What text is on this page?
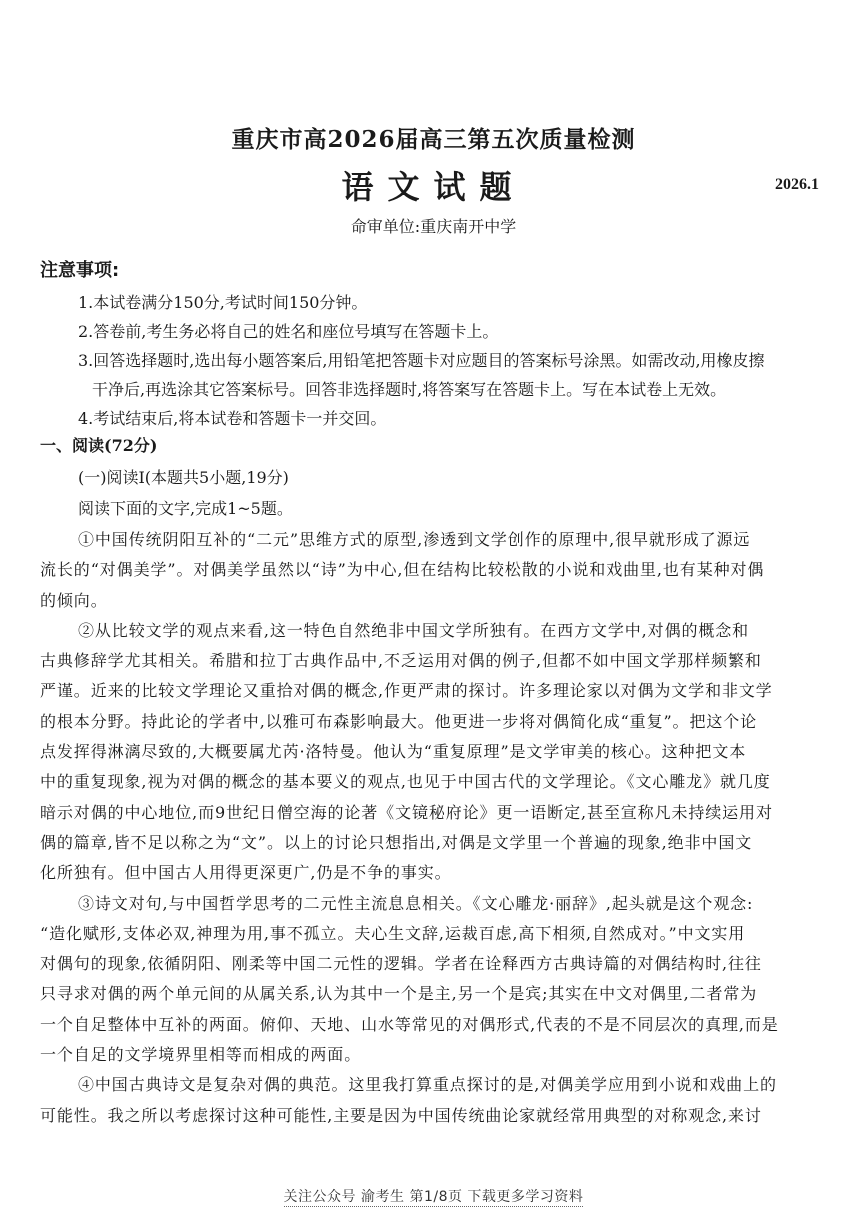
重庆市高2026届高三第五次质量检测
语文试题	2026.1
命审单位:重庆南开中学
注意事项:
1.本试卷满分150分,考试时间150分钟。
2.答卷前,考生务必将自己的姓名和座位号填写在答题卡上。
3.回答选择题时,选出每小题答案后,用铅笔把答题卡对应题目的答案标号涂黑。如需改动,用橡皮擦
干净后,再选涂其它答案标号。回答非选择题时,将答案写在答题卡上。写在本试卷上无效。
4.考试结束后,将本试卷和答题卡一并交回。
一、阅读(72分)
(一)阅读Ⅰ(本题共5小题,19分)
阅读下面的文字,完成1~5题。
①中国传统阴阳互补的“二元”思维方式的原型,渗透到文学创作的原理中,很早就形成了源远
流长的“对偶美学”。对偶美学虽然以“诗”为中心,但在结构比较松散的小说和戏曲里,也有某种对偶
的倾向。
②从比较文学的观点来看,这一特色自然绝非中国文学所独有。在西方文学中,对偶的概念和
古典修辞学尤其相关。希腊和拉丁古典作品中,不乏运用对偶的例子,但都不如中国文学那样频繁和
严谨。近来的比较文学理论又重拾对偶的概念,作更严肃的探讨。许多理论家以对偶为文学和非文学
的根本分野。持此论的学者中,以雅可布森影响最大。他更进一步将对偶简化成“重复”。把这个论
点发挥得淋漓尽致的,大概要属尤芮·洛特曼。他认为“重复原理”是文学审美的核心。这种把文本
中的重复现象,视为对偶的概念的基本要义的观点,也见于中国古代的文学理论。《文心雕龙》就几度
暗示对偶的中心地位,而9世纪日僧空海的论著《文镜秘府论》更一语断定,甚至宣称凡未持续运用对
偶的篇章,皆不足以称之为“文”。以上的讨论只想指出,对偶是文学里一个普遍的现象,绝非中国文
化所独有。但中国古人用得更深更广,仍是不争的事实。
③诗文对句,与中国哲学思考的二元性主流息息相关。《文心雕龙·丽辞》,起头就是这个观念:
“造化赋形,支体必双,神理为用,事不孤立。夫心生文辞,运裁百虑,高下相须,自然成对。”中文实用
对偶句的现象,依循阴阳、刚柔等中国二元性的逻辑。学者在诠释西方古典诗篇的对偶结构时,往往
只寻求对偶的两个单元间的从属关系,认为其中一个是主,另一个是宾;其实在中文对偶里,二者常为
一个自足整体中互补的两面。俯仰、天地、山水等常见的对偶形式,代表的不是不同层次的真理,而是
一个自足的文学境界里相等而相成的两面。
④中国古典诗文是复杂对偶的典范。这里我打算重点探讨的是,对偶美学应用到小说和戏曲上的
可能性。我之所以考虑探讨这种可能性,主要是因为中国传统曲论家就经常用典型的对称观念,来讨
关注公众号 渝考生 第1/8页 下载更多学习资料
